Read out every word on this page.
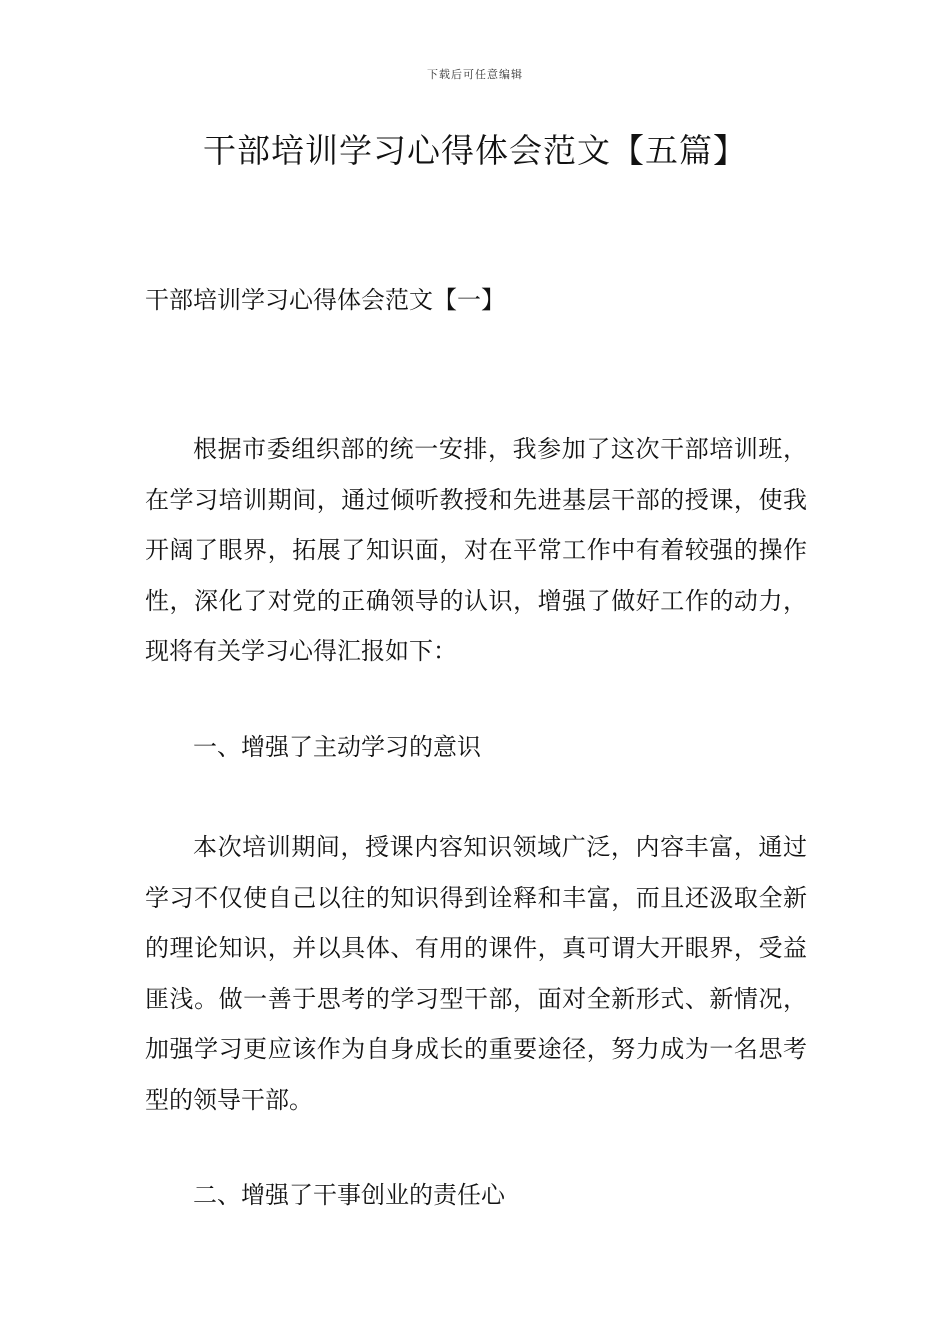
下载后可任意编辑
干部培训学习心得体会范文【五篇】
干部培训学习心得体会范文【一】

根据市委组织部的统一安排，我参加了这次干部培训班，在学习培训期间，通过倾听教授和先进基层干部的授课，使我开阔了眼界，拓展了知识面，对在平常工作中有着较强的操作性，深化了对党的正确领导的认识，增强了做好工作的动力，现将有关学习心得汇报如下：

一、增强了主动学习的意识

本次培训期间，授课内容知识领域广泛，内容丰富，通过学习不仅使自己以往的知识得到诠释和丰富，而且还汲取全新的理论知识，并以具体、有用的课件，真可谓大开眼界，受益匪浅。做一善于思考的学习型干部，面对全新形式、新情况，加强学习更应该作为自身成长的重要途径，努力成为一名思考型的领导干部。

二、增强了干事创业的责任心
